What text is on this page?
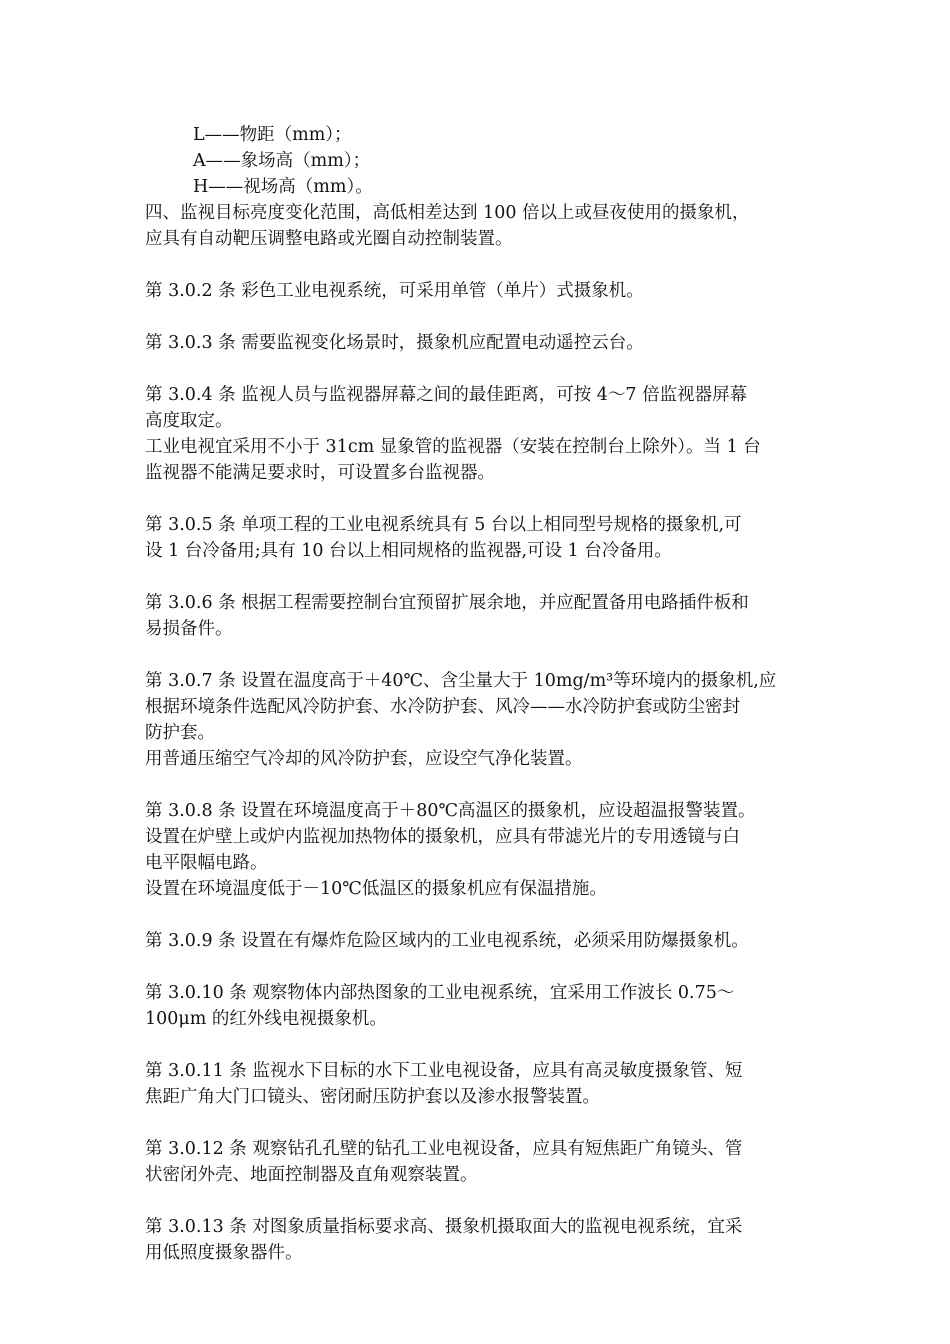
L——物距（mm）；
A——象场高（mm）；
H——视场高（mm）。
四、监视目标亮度变化范围，高低相差达到 100 倍以上或昼夜使用的摄象机，
应具有自动靶压调整电路或光圈自动控制装置。
第 3.0.2 条 彩色工业电视系统，可采用单管（单片）式摄象机。
第 3.0.3 条 需要监视变化场景时，摄象机应配置电动遥控云台。
第 3.0.4 条 监视人员与监视器屏幕之间的最佳距离，可按 4～7 倍监视器屏幕
高度取定。
工业电视宜采用不小于 31cm 显象管的监视器（安装在控制台上除外）。当 1 台
监视器不能满足要求时，可设置多台监视器。
第 3.0.5 条 单项工程的工业电视系统具有 5 台以上相同型号规格的摄象机,可
设 1 台冷备用;具有 10 台以上相同规格的监视器,可设 1 台冷备用。
第 3.0.6 条 根据工程需要控制台宜预留扩展余地，并应配置备用电路插件板和
易损备件。
第 3.0.7 条 设置在温度高于＋40℃、含尘量大于 10mg/m³等环境内的摄象机,应
根据环境条件选配风冷防护套、水冷防护套、风冷——水冷防护套或防尘密封
防护套。
用普通压缩空气冷却的风冷防护套，应设空气净化装置。
第 3.0.8 条 设置在环境温度高于＋80℃高温区的摄象机，应设超温报警装置。
设置在炉壁上或炉内监视加热物体的摄象机，应具有带滤光片的专用透镜与白
电平限幅电路。
设置在环境温度低于－10℃低温区的摄象机应有保温措施。
第 3.0.9 条 设置在有爆炸危险区域内的工业电视系统，必须采用防爆摄象机。
第 3.0.10 条 观察物体内部热图象的工业电视系统，宜采用工作波长 0.75～
100μm 的红外线电视摄象机。
第 3.0.11 条 监视水下目标的水下工业电视设备，应具有高灵敏度摄象管、短
焦距广角大门口镜头、密闭耐压防护套以及渗水报警装置。
第 3.0.12 条 观察钻孔孔壁的钻孔工业电视设备，应具有短焦距广角镜头、管
状密闭外壳、地面控制器及直角观察装置。
第 3.0.13 条 对图象质量指标要求高、摄象机摄取面大的监视电视系统，宜采
用低照度摄象器件。
